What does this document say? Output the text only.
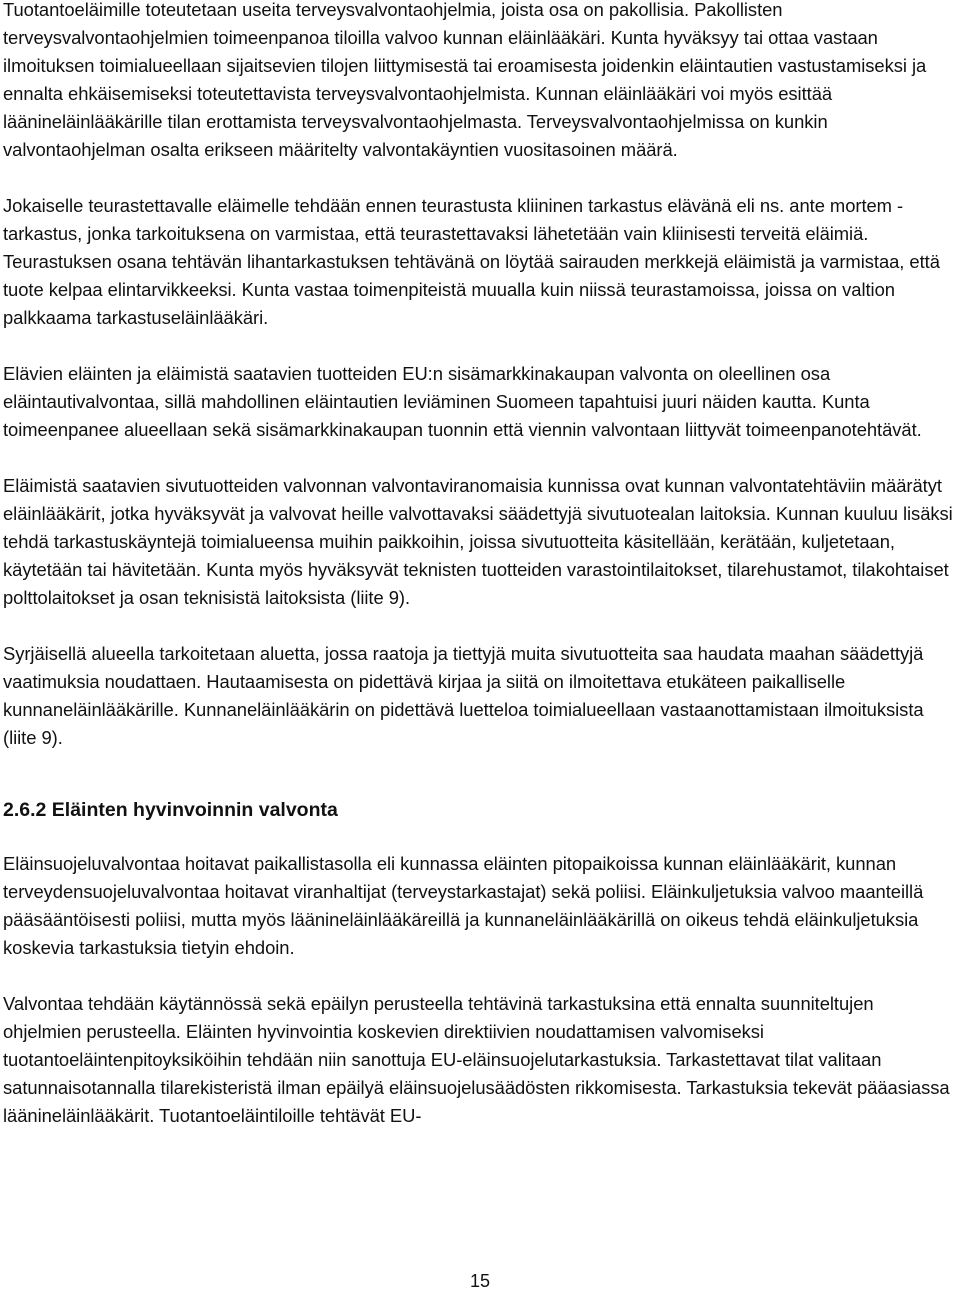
Tuotantoeläimille toteutetaan useita terveysvalvontaohjelmia, joista osa on pakollisia. Pakollisten terveysvalvontaohjelmien toimeenpanoa tiloilla valvoo kunnan eläinlääkäri. Kunta hyväksyy tai ottaa vastaan ilmoituksen toimialueellaan sijaitsevien tilojen liittymisestä tai eroamisesta joidenkin eläintautien vastustamiseksi ja ennalta ehkäisemiseksi toteutettavista terveysvalvontaohjelmista. Kunnan eläinlääkäri voi myös esittää lääninеläinlääkärille tilan erottamista terveysvalvontaohjelmasta. Terveysvalvontaohjelmissa on kunkin valvontaohjelman osalta erikseen määritelty valvontakäyntien vuositasoinen määrä.

Jokaiselle teurastettavalle eläimelle tehdään ennen teurastusta kliininen tarkastus elävänä eli ns. ante mortem -tarkastus, jonka tarkoituksena on varmistaa, että teurastettavaksi lähetetään vain kliinisesti terveitä eläimiä. Teurastuksen osana tehtävän lihantarkastuksen tehtävänä on löytää sairauden merkkejä eläimistä ja varmistaa, että tuote kelpaa elintarvikkeeksi. Kunta vastaa toimenpiteistä muualla kuin niissä teurastamoissa, joissa on valtion palkkaama tarkastuseläinlääkäri.

Elävien eläinten ja eläimistä saatavien tuotteiden EU:n sisämarkkinakaupan valvonta on oleellinen osa eläintautivalvontaa, sillä mahdollinen eläintautien leviäminen Suomeen tapahtuisi juuri näiden kautta. Kunta toimeenpanee alueellaan sekä sisämarkkinakaupan tuonnin että viennin valvontaan liittyvät toimeenpanotehtävät.

Eläimistä saatavien sivutuotteiden valvonnan valvontaviranomaisia kunnissa ovat kunnan valvontatehtäviin määrätyt eläinlääkärit, jotka hyväksyvät ja valvovat heille valvottavaksi säädettyjä sivutuotealan laitoksia. Kunnan kuuluu lisäksi tehdä tarkastuskäyntejä toimialueensa muihin paikkoihin, joissa sivutuotteita käsitellään, kerätään, kuljetetaan, käytetään tai hävitetään. Kunta myös hyväksyvät teknisten tuotteiden varastointilaitokset, tilarehustamot, tilakohtaiset polttolaitokset ja osan teknisistä laitoksista (liite 9).

Syrjäisellä alueella tarkoitetaan aluetta, jossa raatoja ja tiettyjä muita sivutuotteita saa haudata maahan säädettyjä vaatimuksia noudattaen. Hautaamisesta on pidettävä kirjaa ja siitä on ilmoitettava etukäteen paikalliselle kunnaneläinlääkärille. Kunnaneläinlääkärin on pidettävä luetteloa toimialueellaan vastaanottamistaan ilmoituksista (liite 9).

2.6.2 Eläinten hyvinvoinnin valvonta

Eläinsuojeluvalvontaa hoitavat paikallistasolla eli kunnassa eläinten pitopaikoissa kunnan eläinlääkärit, kunnan terveydensuojeluvalvontaa hoitavat viranhaltijat (terveystarkastajat) sekä poliisi. Eläinkuljetuksia valvoo maanteillä pääsääntöisesti poliisi, mutta myös lääninеläinlääkäreillä ja kunnaneläinlääkärillä on oikeus tehdä eläinkuljetuksia koskevia tarkastuksia tietyin ehdoin.

Valvontaa tehdään käytännössä sekä epäilyn perusteella tehtävinä tarkastuksina että ennalta suunniteltujen ohjelmien perusteella. Eläinten hyvinvointia koskevien direktiivien noudattamisen valvomiseksi tuotantoeläintenpitoyksiköihin tehdään niin sanottuja EU-eläinsuojelutarkastuksia. Tarkastettavat tilat valitaan satunnaisotannalla tilarekisteristä ilman epäilyä eläinsuojelusäädösten rikkomisesta. Tarkastuksia tekevät pääasiassa lääninеläinlääkärit. Tuotantoeläintiloille tehtävät EU-

15
